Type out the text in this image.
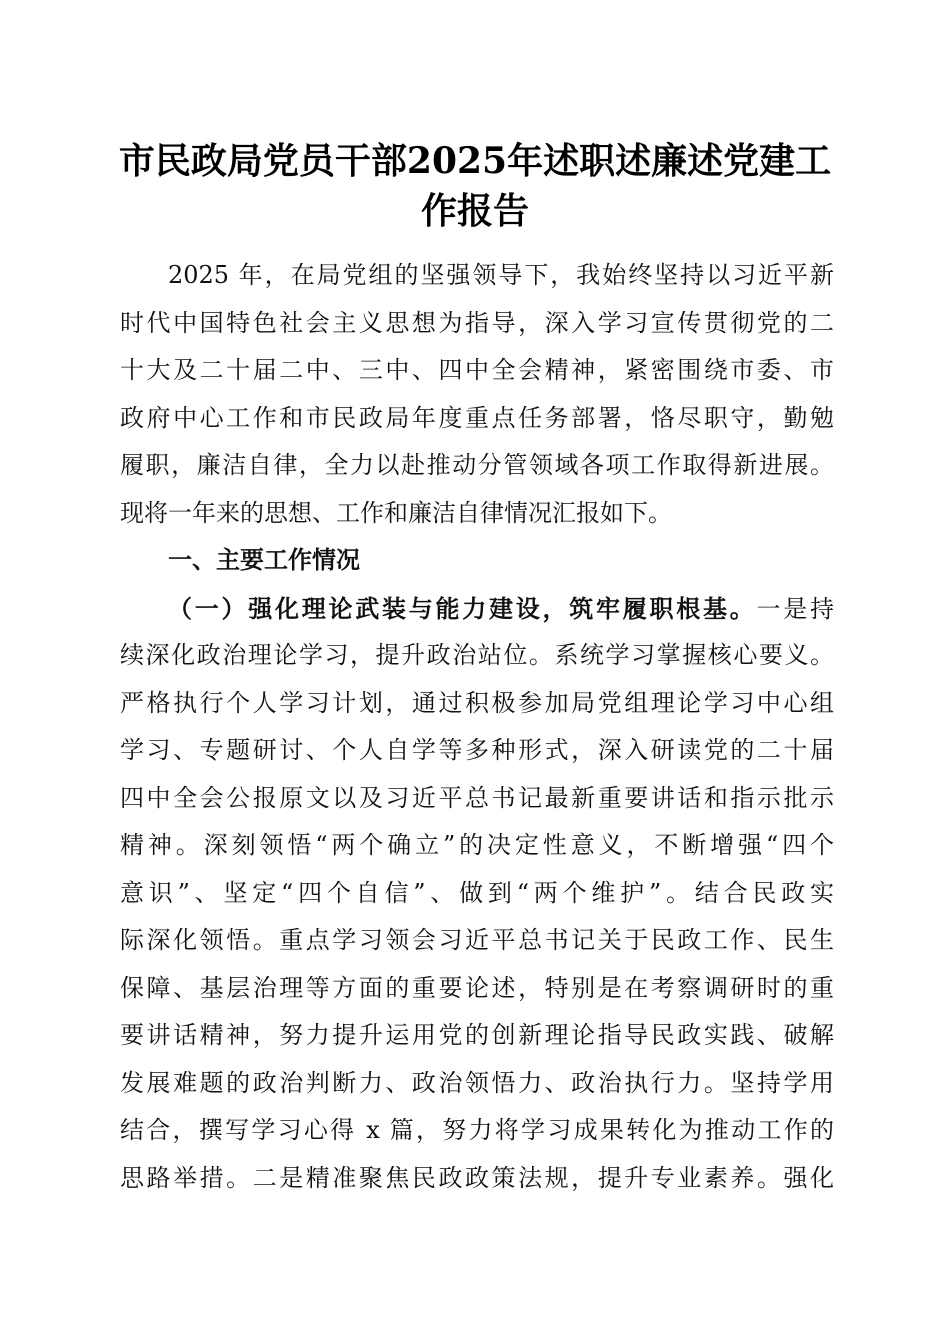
市民政局党员干部2025年述职述廉述党建工
作报告
2025 年，在局党组的坚强领导下，我始终坚持以习近平新
时代中国特色社会主义思想为指导，深入学习宣传贯彻党的二
十大及二十届二中、三中、四中全会精神，紧密围绕市委、市
政府中心工作和市民政局年度重点任务部署，恪尽职守，勤勉
履职，廉洁自律，全力以赴推动分管领域各项工作取得新进展。
现将一年来的思想、工作和廉洁自律情况汇报如下。
一、主要工作情况
（一）强化理论武装与能力建设，筑牢履职根基。一是持
续深化政治理论学习，提升政治站位。系统学习掌握核心要义。
严格执行个人学习计划，通过积极参加局党组理论学习中心组
学习、专题研讨、个人自学等多种形式，深入研读党的二十届
四中全会公报原文以及习近平总书记最新重要讲话和指示批示
精神。深刻领悟“两个确立”的决定性意义，不断增强“四个
意识”、坚定“四个自信”、做到“两个维护”。结合民政实
际深化领悟。重点学习领会习近平总书记关于民政工作、民生
保障、基层治理等方面的重要论述，特别是在考察调研时的重
要讲话精神，努力提升运用党的创新理论指导民政实践、破解
发展难题的政治判断力、政治领悟力、政治执行力。坚持学用
结合，撰写学习心得 x 篇，努力将学习成果转化为推动工作的
思路举措。二是精准聚焦民政政策法规，提升专业素养。强化
